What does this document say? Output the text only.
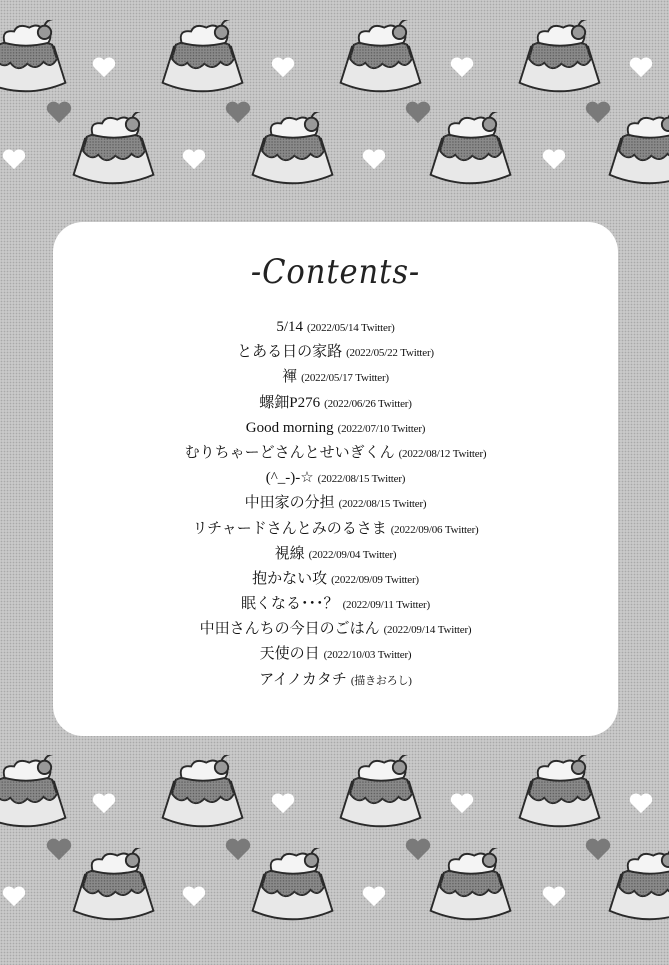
-Contents-
5/14 (2022/05/14 Twitter)
とある日の家路 (2022/05/22 Twitter)
褌 (2022/05/17 Twitter)
螺鈿P276 (2022/06/26 Twitter)
Good morning (2022/07/10 Twitter)
むりちゃーどさんとせいぎくん (2022/08/12 Twitter)
(^_-)-☆ (2022/08/15 Twitter)
中田家の分担 (2022/08/15 Twitter)
リチャードさんとみのるさま (2022/09/06 Twitter)
視線 (2022/09/04 Twitter)
抱かない攻 (2022/09/09 Twitter)
眠くなる･･･？ (2022/09/11 Twitter)
中田さんちの今日のごはん (2022/09/14 Twitter)
天使の日 (2022/10/03 Twitter)
アイノカタチ (描きおろし)
